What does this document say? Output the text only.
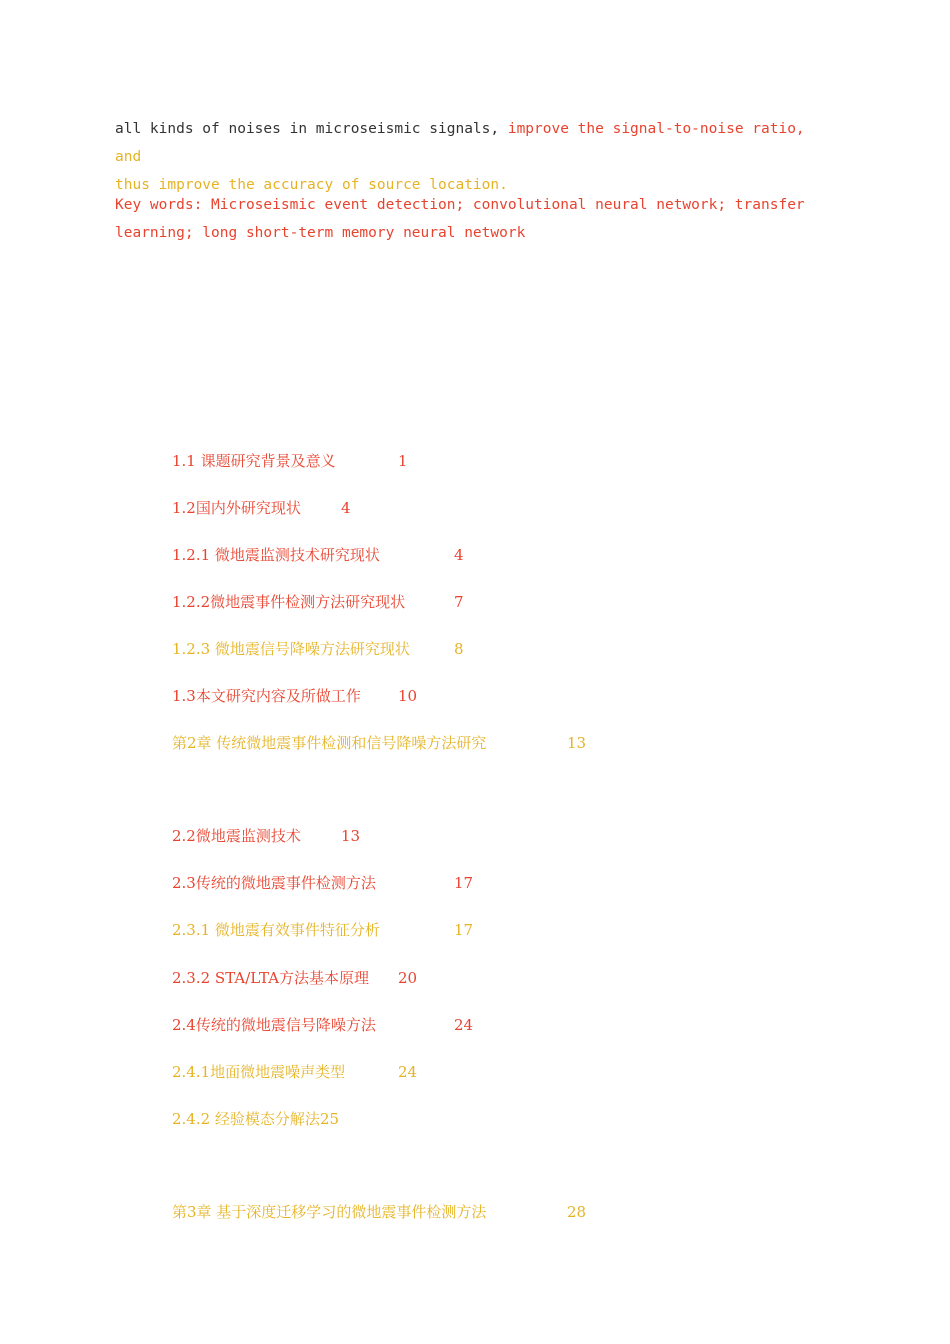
all kinds of noises in microseismic signals, improve the signal-to-noise ratio, and
thus improve the accuracy of source location.
Key words: Microseismic event detection; convolutional neural network; transfer
learning; long short-term memory neural network
1.1 课题研究背景及意义	1
1.2国内外研究现状	4
1.2.1 微地震监测技术研究现状	4
1.2.2微地震事件检测方法研究现状	7
1.2.3 微地震信号降噪方法研究现状	8
1.3本文研究内容及所做工作 10
第2章 传统微地震事件检测和信号降噪方法研究	13
2.2微地震监测技术	13
2.3传统的微地震事件检测方法	17
2.3.1 微地震有效事件特征分析	17
2.3.2 STA/LTA方法基本原理 20
2.4传统的微地震信号降噪方法	24
2.4.1地面微地震噪声类型	24
2.4.2 经验模态分解法25
第3章 基于深度迁移学习的微地震事件检测方法	28
